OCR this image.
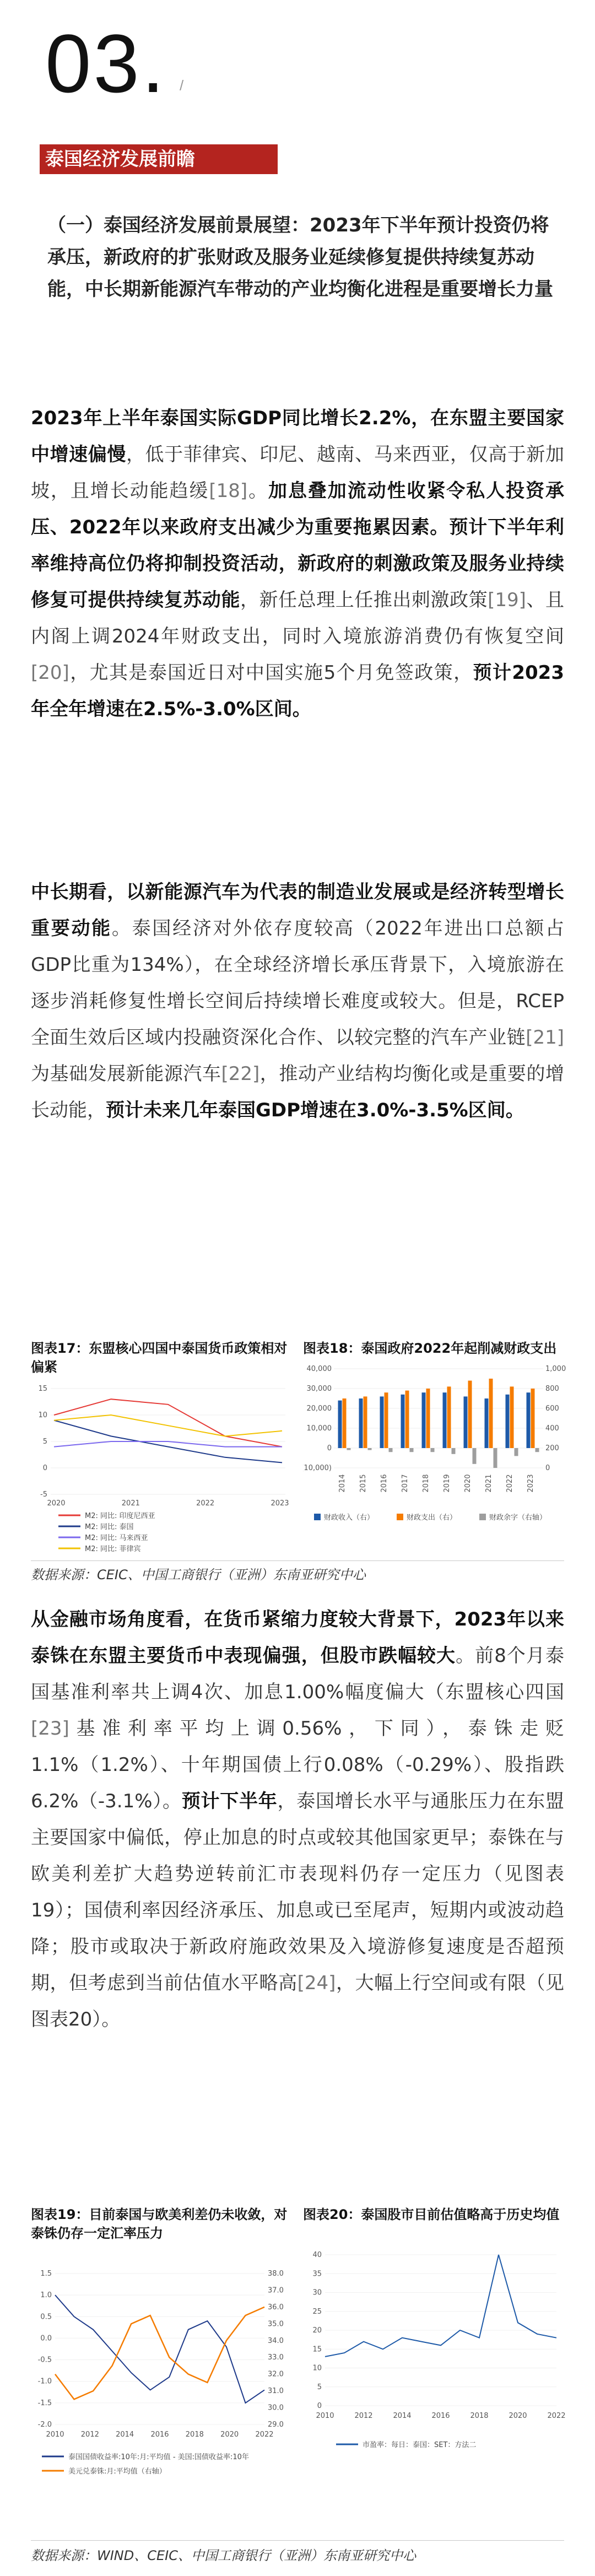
03. /
泰国经济发展前瞻
（一）泰国经济发展前景展望：2023年下半年预计投资仍将承压，新政府的扩张财政及服务业延续修复提供持续复苏动能，中长期新能源汽车带动的产业均衡化进程是重要增长力量
2023年上半年泰国实际GDP同比增长2.2%，在东盟主要国家中增速偏慢，低于菲律宾、印尼、越南、马来西亚，仅高于新加坡，且增长动能趋缓[18]。加息叠加流动性收紧令私人投资承压、2022年以来政府支出减少为重要拖累因素。预计下半年利率维持高位仍将抑制投资活动，新政府的刺激政策及服务业持续修复可提供持续复苏动能，新任总理上任推出刺激政策[19]、且内阁上调2024年财政支出，同时入境旅游消费仍有恢复空间[20]，尤其是泰国近日对中国实施5个月免签政策，预计2023年全年增速在2.5%-3.0%区间。
中长期看，以新能源汽车为代表的制造业发展或是经济转型增长重要动能。泰国经济对外依存度较高（2022年进出口总额占GDP比重为134%），在全球经济增长承压背景下，入境旅游在逐步消耗修复性增长空间后持续增长难度或较大。但是，RCEP全面生效后区域内投融资深化合作、以较完整的汽车产业链[21]为基础发展新能源汽车[22]，推动产业结构均衡化或是重要的增长动能，预计未来几年泰国GDP增速在3.0%-3.5%区间。
图表17：东盟核心四国中泰国货币政策相对偏紧
15
10
5
0
-5
2020	2021	2022	2023
M2: 同比: 印度尼西亚
M2: 同比: 泰国
M2: 同比: 马来西亚
M2: 同比: 菲律宾
图表18：泰国政府2022年起削减财政支出
40,000
30,000
20,000
10,000
0
(10,000)
1,000
800
600
400
200
0
2014 2015 2016 2017 2018 2019 2020 2021 2022 2023
财政收入（右）	财政支出（右）	财政余字（右轴）
数据来源：CEIC、中国工商银行（亚洲）东南亚研究中心
从金融市场角度看，在货币紧缩力度较大背景下，2023年以来泰铢在东盟主要货币中表现偏强，但股市跌幅较大。前8个月泰国基准利率共上调4次、加息1.00%幅度偏大（东盟核心四国[23]基准利率平均上调0.56%，下同），泰铢走贬1.1%（1.2%）、十年期国债上行0.08%（-0.29%）、股指跌6.2%（-3.1%）。预计下半年，泰国增长水平与通胀压力在东盟主要国家中偏低，停止加息的时点或较其他国家更早；泰铢在与欧美利差扩大趋势逆转前汇市表现料仍存一定压力（见图表19）；国债利率因经济承压、加息或已至尾声，短期内或波动趋降；股市或取决于新政府施政效果及入境游修复速度是否超预期，但考虑到当前估值水平略高[24]，大幅上行空间或有限（见图表20）。
图表19：目前泰国与欧美利差仍未收敛，对泰铢仍存一定汇率压力
1.5
1.0
0.5
0.0
-0.5
-1.0
-1.5
-2.0
38.0
37.0
36.0
35.0
34.0
33.0
32.0
31.0
30.0
29.0
2010 2012 2014 2016 2018 2020 2022
泰国国债收益率:10年:月:平均值 - 美国:国债收益率:10年
美元兑泰铢:月:平均值（右轴）
图表20：泰国股市目前估值略高于历史均值
40
35
30
25
20
15
10
5
0
2010	2012	2014	2016	2018	2020	2022
市盈率：每日：泰国：SET：方法二
数据来源：WIND、CEIC、中国工商银行（亚洲）东南亚研究中心
